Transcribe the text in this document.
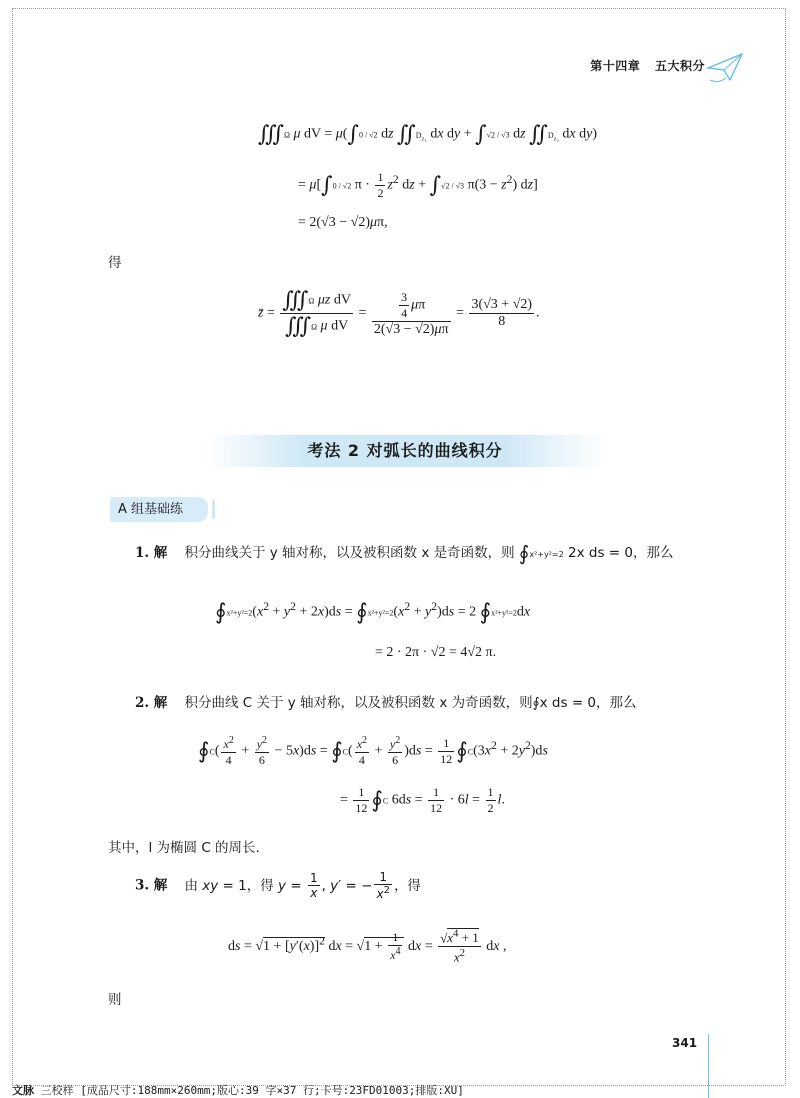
第十四章 五大积分
∭Ω μ dV = μ(∫0 / √2 dz $∬D_{z_1}$ dx dy + ∫√2 / √3 dz $∬D_{z_2}$ dx dy)
= μ[∫0 / √2 $\pi \cdot \frac{1}{2} z^2$ dz + ∫√2 / √3 $\pi(3 - z^2)$ dz]
= 2(√3 − √2)μπ,
得
z̄ = $\frac{\text{∭Ω μz dV}}{\text{∭Ω μ dV}} = \frac{\frac{3}{4} \mu\pi}{2(√3 - √2)\mu\pi} = \frac{3(√3 + √2)}{8}$ .
考法 2 对弧长的曲线积分
A 组基础练
1. 解 积分曲线关于 y 轴对称，以及被积函数 x 是奇函数，则 ∮x²+y²=2 2x ds = 0，那么
$∮x^2+y^2=2(x^2 + y^2 + 2x)ds$ = $∮x^2+y^2=2(x^2 + y^2)ds = 2$ ∮x²+y²=2dx
= 2 · 2π · √2 = 4√2 π.
2. 解 积分曲线 C 关于 y 轴对称，以及被积函数 x 为奇函数，则∮x ds = 0，那么
∮C( $\frac{x^2}{4} + \frac{y^2}{6} - 5x)ds$ = ∮C( $\frac{x^2}{4} + \frac{y^2}{6} )ds = \frac{1}{12}$ $∮C(3x^2 + 2y^2)ds$
= $\frac{1}{12}$ ∮C $6ds = \frac{1}{12} \cdot 6l = \frac{1}{2} l$.
其中，l 为椭圆 C 的周长.
3. 解 由 xy = 1，得 $y = \frac{1}{x}$ , y′ = − $\frac{1}{x^2}$ ，得
ds = $√1 + [y'(x)]^2$ dx = $√1 + \frac{1}{x^4}$ dx = $\frac{√x^4 + 1}{x^2}$ dx ,
则
341
文脉 三校样 [成品尺寸:188mm×260mm;版心:39 字×37 行;卡号:23FD01003;排版:XU]
